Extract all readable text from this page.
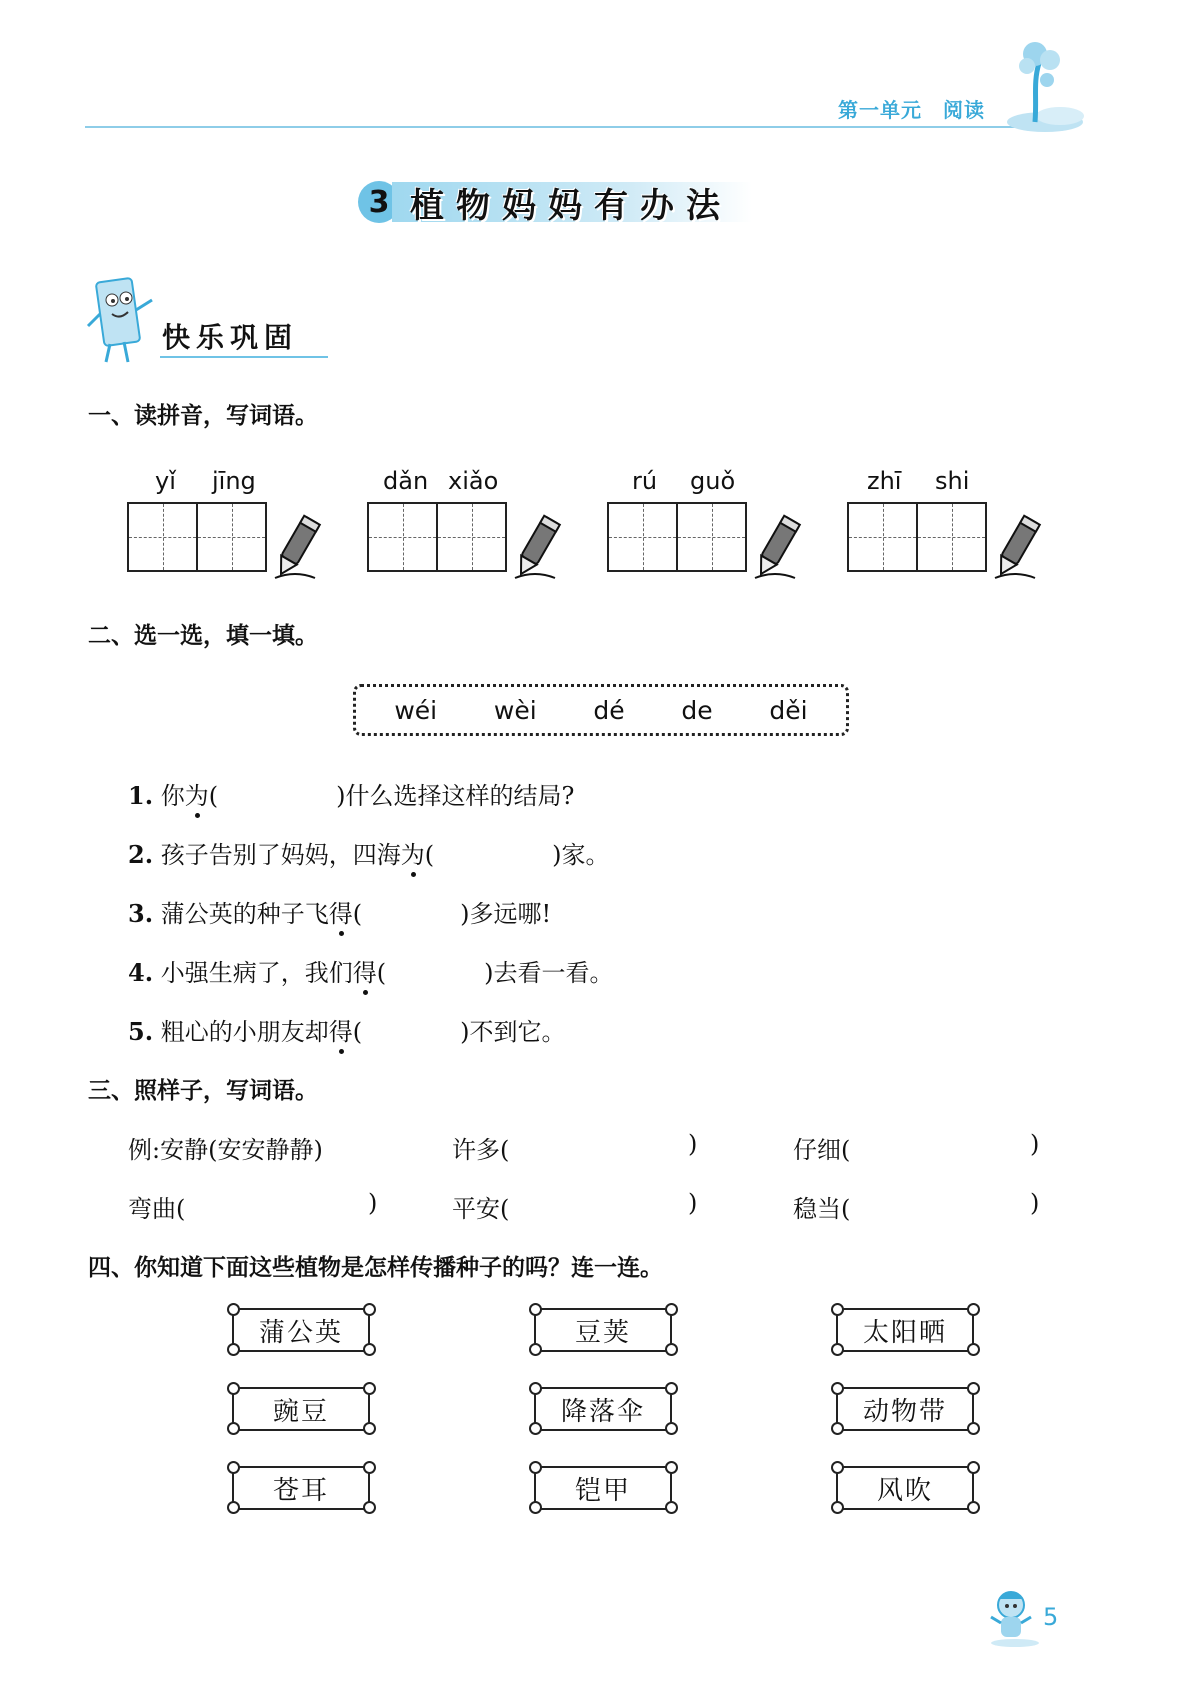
第一单元　阅读
3 植物妈妈有办法
快乐巩固
一、读拼音，写词语。
yǐ jīng	dǎn xiǎo	rú guǒ	zhī shi
二、选一选，填一填。
wéi wèi dé de děi
1. 你为(	)什么选择这样的结局?
2. 孩子告别了妈妈，四海为(	)家。
3. 蒲公英的种子飞得(	)多远哪!
4. 小强生病了，我们得(	)去看一看。
5. 粗心的小朋友却得(	)不到它。
三、照样子，写词语。
例:安静(安安静静)	许多(	)	仔细(	)
弯曲(	)	平安(	)	稳当(	)
四、你知道下面这些植物是怎样传播种子的吗？连一连。
蒲公英
豌豆
苍耳
豆荚
降落伞
铠甲
太阳晒
动物带
风吹
5
